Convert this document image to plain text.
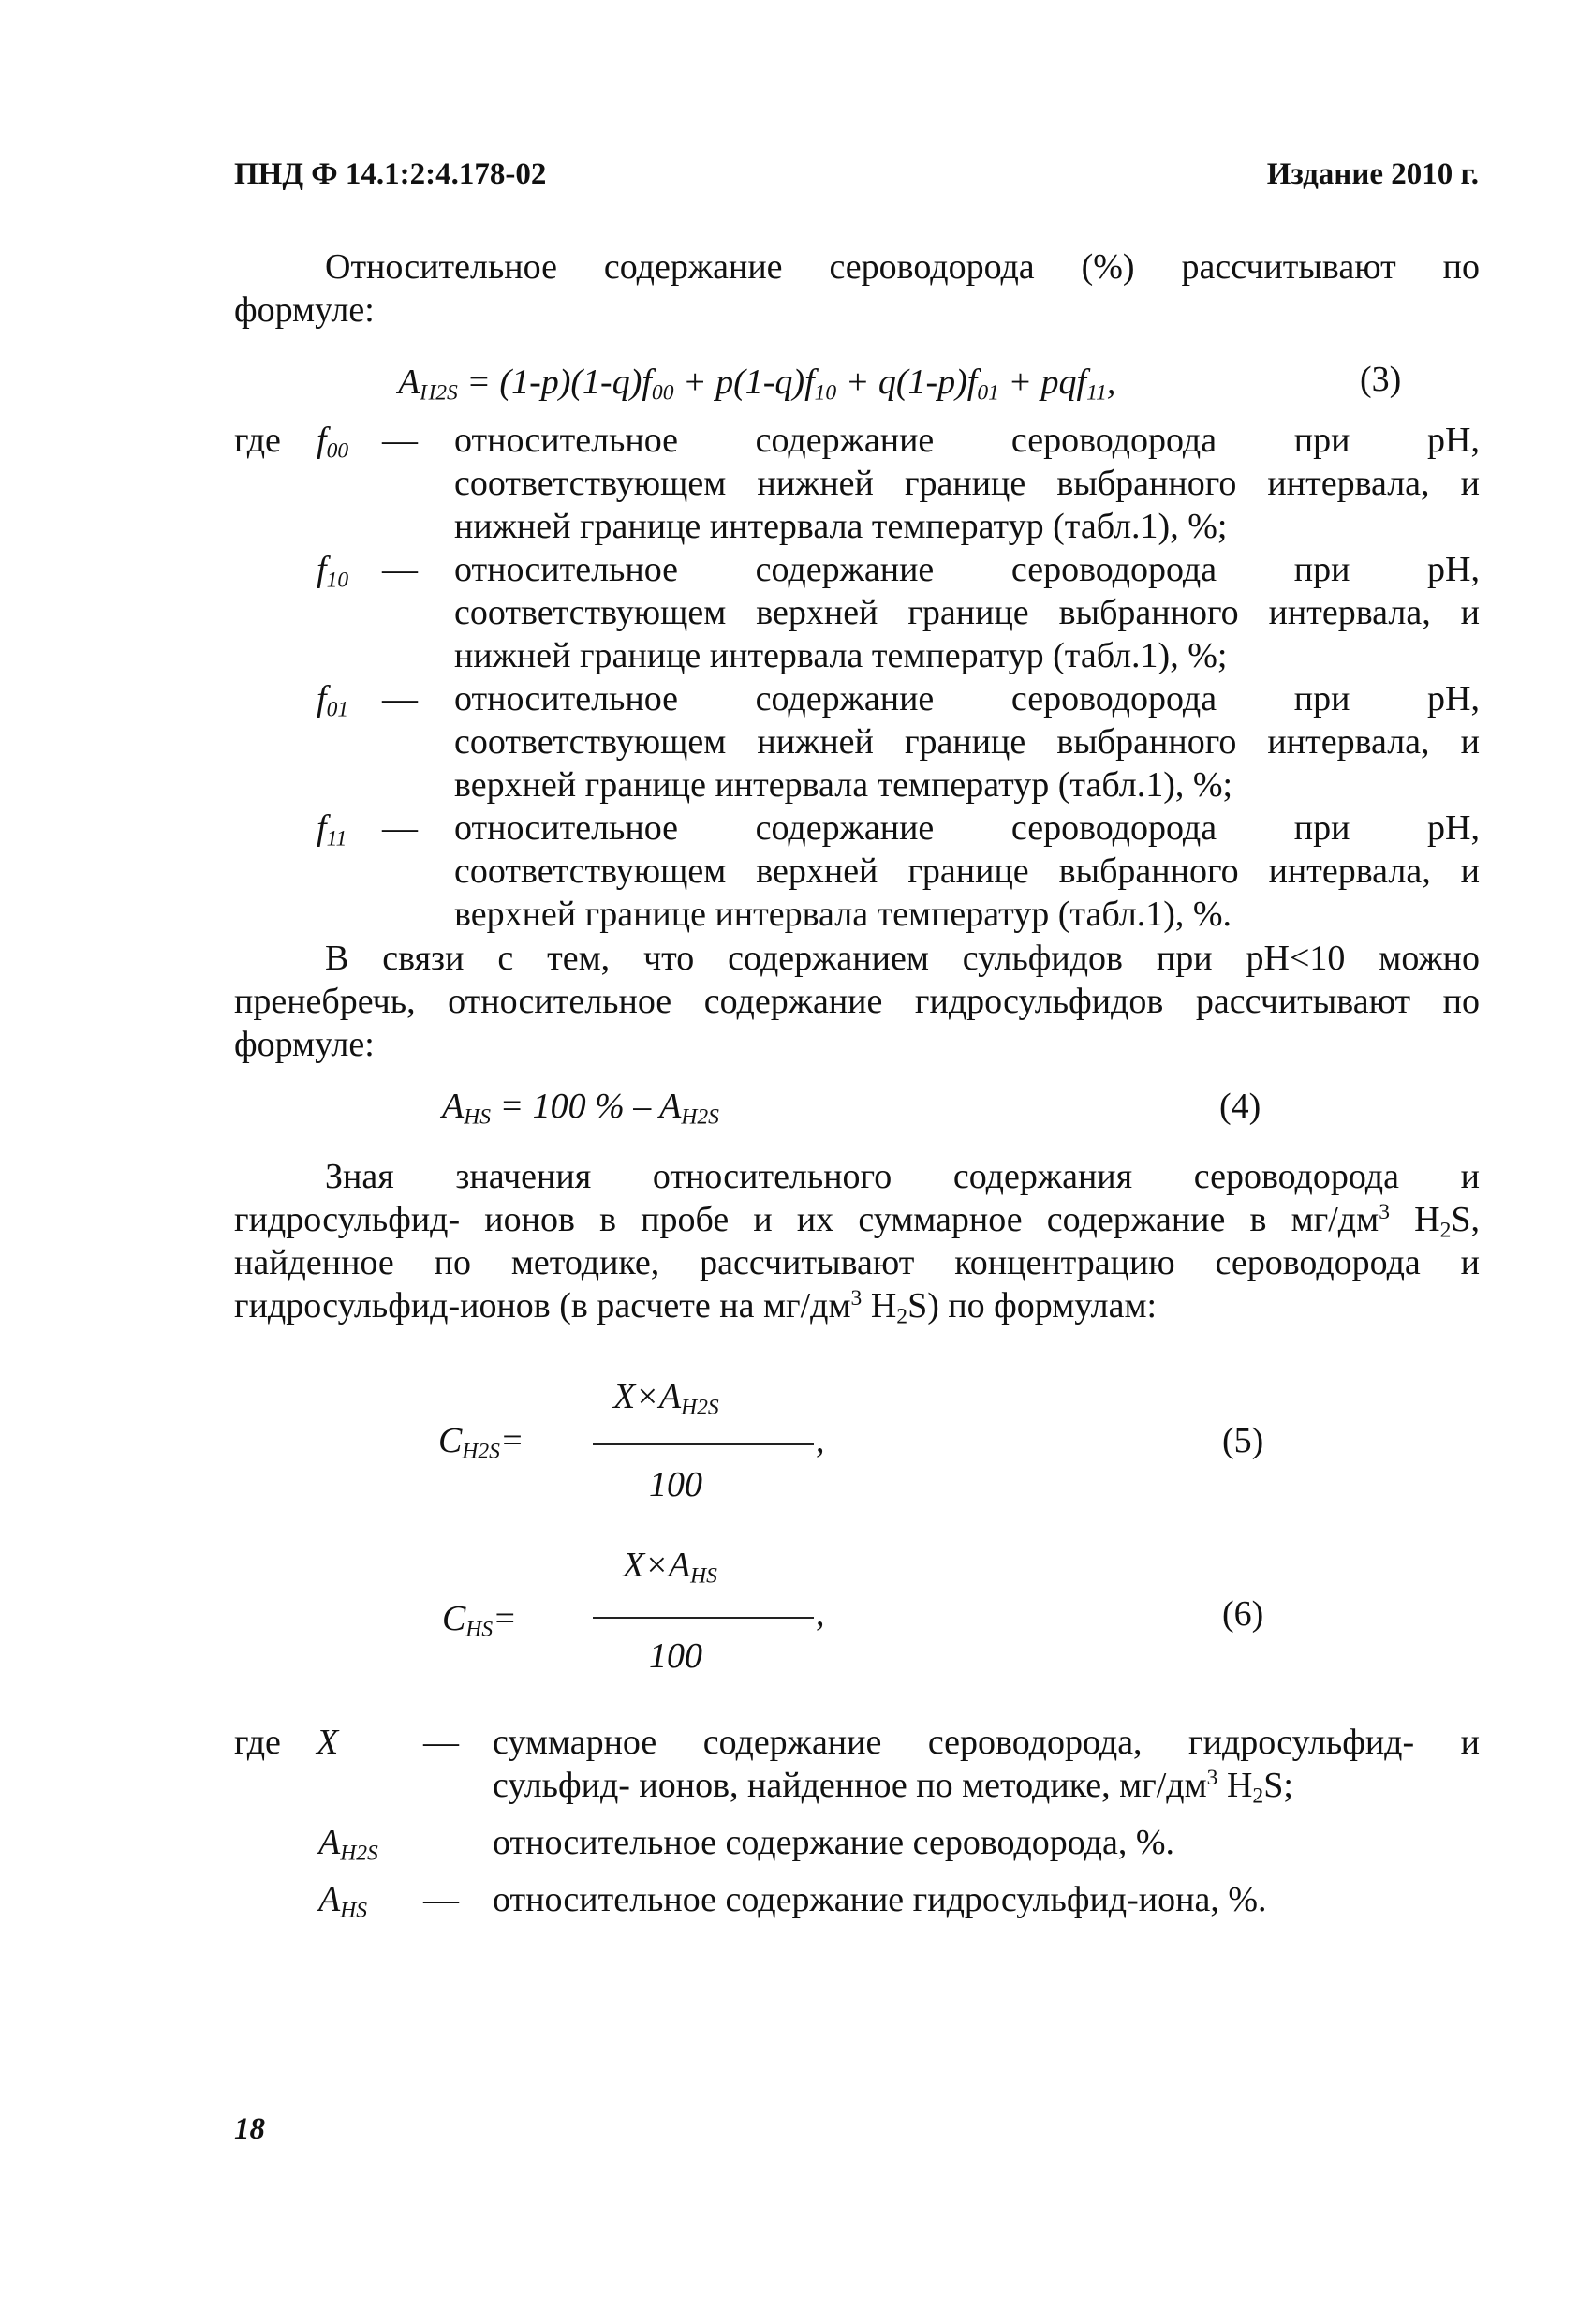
ПНД Ф 14.1:2:4.178-02	Издание 2010 г.
Относительное содержание сероводорода (%) рассчитывают по
формуле:
$A_{H2S} = (1-p)(1-q)f_{00} + p(1-q)f_{10} + q(1-p)f_{01} + pqf_{11}$,	(3)
где $f_{00}$ — относительное содержание сероводорода при pH,
соответствующем нижней границе выбранного интервала, и
нижней границе интервала температур (табл.1), %;
$f_{10}$ — относительное содержание сероводорода при pH,
соответствующем верхней границе выбранного интервала, и
нижней границе интервала температур (табл.1), %;
$f_{01}$ — относительное содержание сероводорода при pH,
соответствующем нижней границе выбранного интервала, и
верхней границе интервала температур (табл.1), %;
$f_{11}$ — относительное содержание сероводорода при pH,
соответствующем верхней границе выбранного интервала, и
верхней границе интервала температур (табл.1), %.
В связи с тем, что содержанием сульфидов при pH<10 можно
пренебречь, относительное содержание гидросульфидов рассчитывают по
формуле:
$A_{HS} = 100$ % – $A_{H2S}$	(4)
Зная значения относительного содержания сероводорода и
гидросульфид- ионов в пробе и их суммарное содержание в $мг/дм^3$ $H_2S$,
найденное по методике, рассчитывают концентрацию сероводорода и
гидросульфид-ионов (в расчете на $мг/дм^3$ $H_2S$) по формулам:
$C_{H2S}=$
$X\times A_{H2S}$
,
100
(5)
$C_{HS}=$
$X\times A_{HS}$
,
100
(6)
где X — суммарное содержание сероводорода, гидросульфид- и
сульфид- ионов, найденное по методике, $мг/дм^3$ $H_2S$;
$A_{H2S}$	относительное содержание сероводорода, %.
$A_{HS}$ — относительное содержание гидросульфид-иона, %.
18
